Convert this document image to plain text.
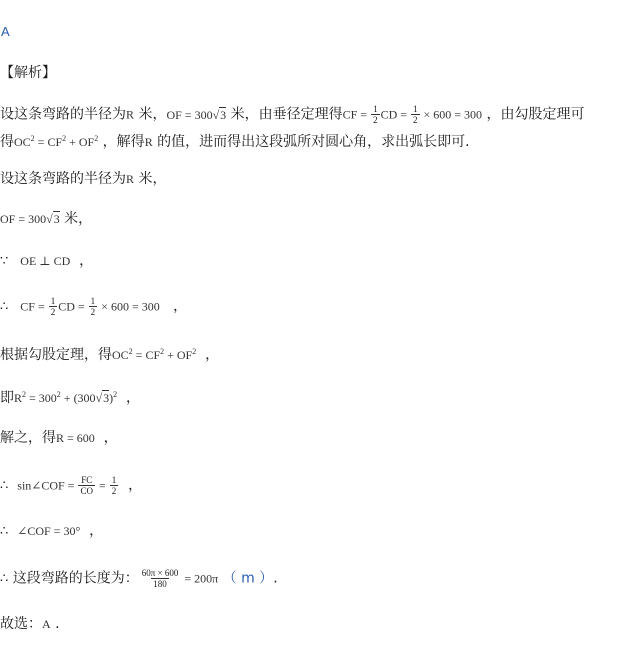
A
【解析】
设这条弯路的半径为R 米，OF = 300√3 米，由垂径定理得CF = $\frac{1}{2}$ CD = $\frac{1}{2} \times 600 = 300$ ，由勾股定理可
得$OC^2 = CF^2 + OF^2$ ，解得R 的值，进而得出这段弧所对圆心角，求出弧长即可.
设这条弯路的半径为R 米，
OF = 300√3 米，
∵    OE ⊥ CD  ，
∴    CF = $\frac{1}{2}$ CD = $\frac{1}{2} \times 600 = 300$   ，
根据勾股定理，得$OC^2 = CF^2 + OF^2$  ，
即$R^2 = 300^2 + (300√3)^2$  ，
解之，得R = 600  ，
∴   sin∠COF = $\frac{FC}{CO} = \frac{1}{2}$ ，
∴   ∠COF = 30°  ，
∴ 这段弯路的长度为： $\frac{60\pi \times 600}{180} = 200\pi$ （ m ）.
故选：A .
